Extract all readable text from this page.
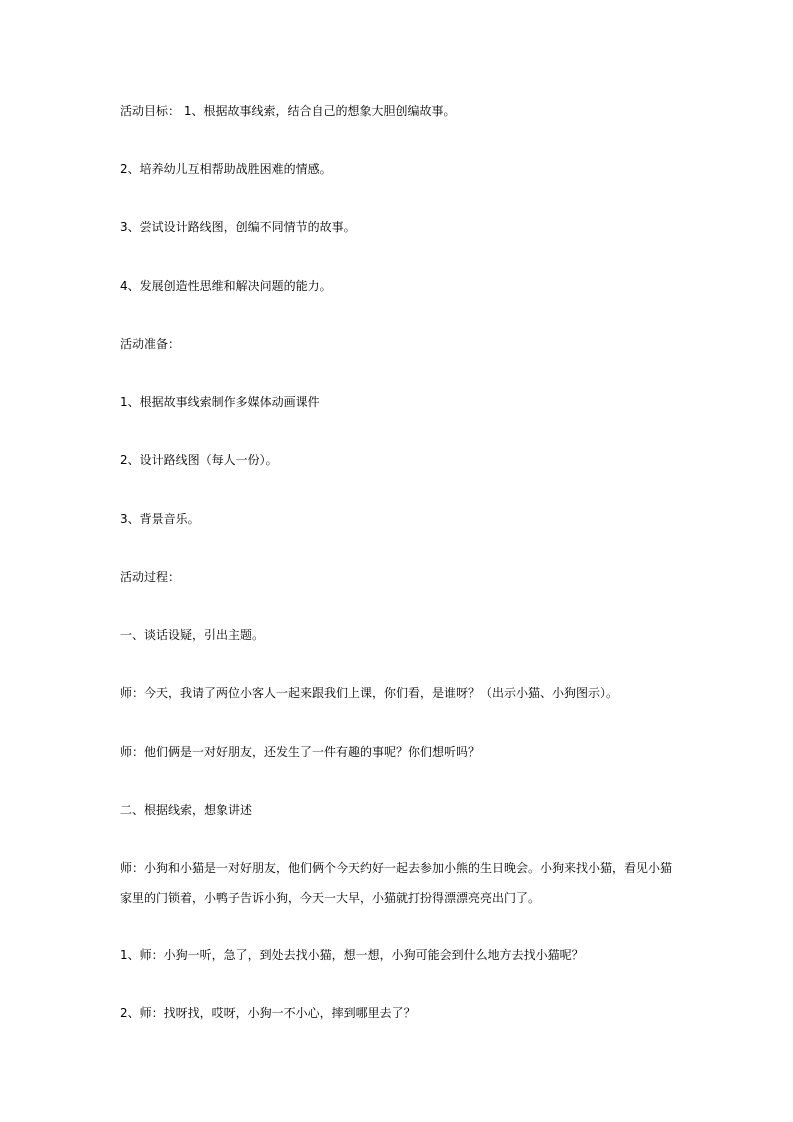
活动目标： 1、根据故事线索，结合自己的想象大胆创编故事。

2、培养幼儿互相帮助战胜困难的情感。

3、尝试设计路线图，创编不同情节的故事。

4、发展创造性思维和解决问题的能力。

活动准备：

1、根据故事线索制作多媒体动画课件

2、设计路线图（每人一份）。

3、背景音乐。

活动过程：

一、谈话设疑，引出主题。

师：今天，我请了两位小客人一起来跟我们上课，你们看，是谁呀？（出示小猫、小狗图示）。

师：他们俩是一对好朋友，还发生了一件有趣的事呢？你们想听吗？

二、根据线索，想象讲述

师：小狗和小猫是一对好朋友，他们俩个今天约好一起去参加小熊的生日晚会。小狗来找小猫，看见小猫家里的门锁着，小鸭子告诉小狗，今天一大早，小猫就打扮得漂漂亮亮出门了。

1、师：小狗一听，急了，到处去找小猫，想一想，小狗可能会到什么地方去找小猫呢？

2、师：找呀找，哎呀，小狗一不小心，摔到哪里去了？
